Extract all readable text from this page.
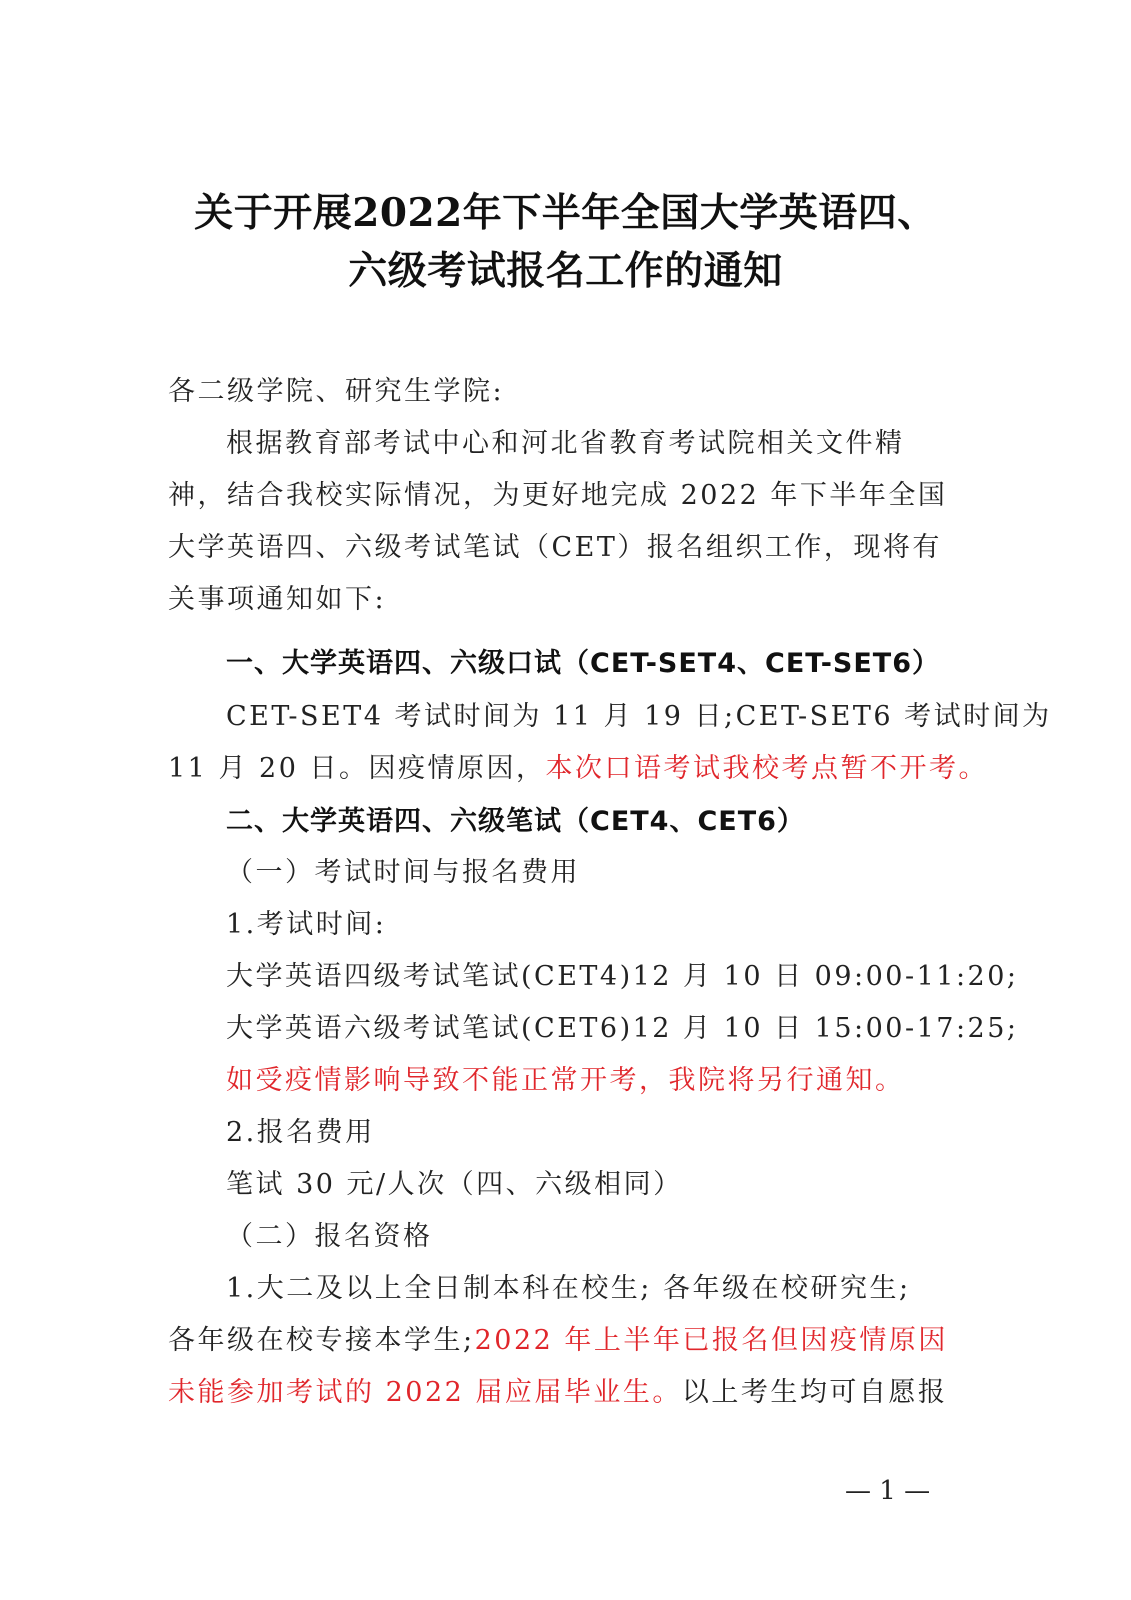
关于开展2022年下半年全国大学英语四、
六级考试报名工作的通知
各二级学院、研究生学院:
根据教育部考试中心和河北省教育考试院相关文件精
神，结合我校实际情况，为更好地完成 2022 年下半年全国
大学英语四、六级考试笔试（CET）报名组织工作，现将有
关事项通知如下:
一、大学英语四、六级口试（CET-SET4、CET-SET6）
CET-SET4 考试时间为 11 月 19 日;CET-SET6 考试时间为
11 月 20 日。因疫情原因，本次口语考试我校考点暂不开考。
二、大学英语四、六级笔试（CET4、CET6）
（一）考试时间与报名费用
1.考试时间:
大学英语四级考试笔试(CET4)12 月 10 日 09:00-11:20;
大学英语六级考试笔试(CET6)12 月 10 日 15:00-17:25;
如受疫情影响导致不能正常开考，我院将另行通知。
2.报名费用
笔试 30 元/人次（四、六级相同）
（二）报名资格
1.大二及以上全日制本科在校生; 各年级在校研究生;
各年级在校专接本学生;2022 年上半年已报名但因疫情原因
未能参加考试的 2022 届应届毕业生。以上考生均可自愿报
— 1 —
